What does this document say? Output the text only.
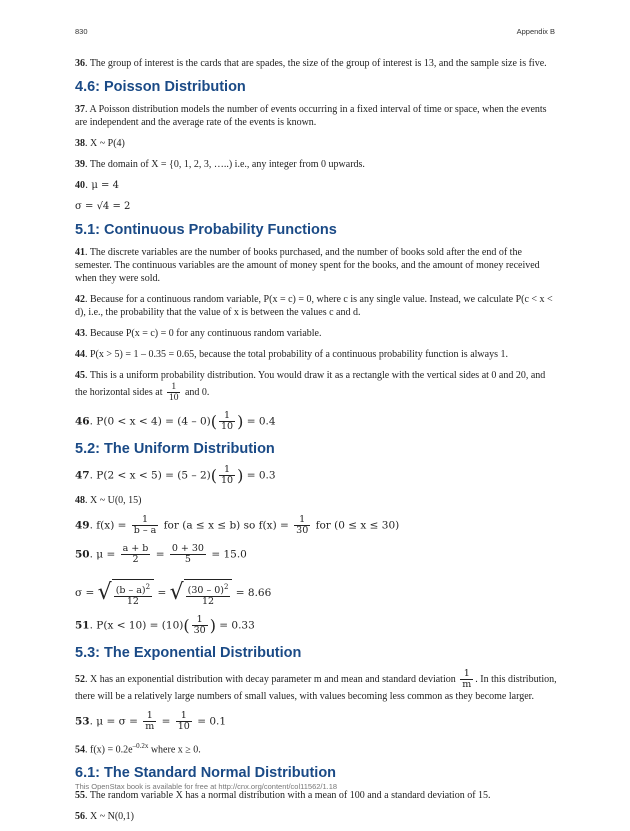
830	Appendix B

36. The group of interest is the cards that are spades, the size of the group of interest is 13, and the sample size is five.

4.6: Poisson Distribution

37. A Poisson distribution models the number of events occurring in a fixed interval of time or space, when the events are independent and the average rate of the events is known.

38. X ~ P(4)

39. The domain of X = {0, 1, 2, 3, …..) i.e., any integer from 0 upwards.

40. μ = 4

σ = √4 = 2

5.1: Continuous Probability Functions

41. The discrete variables are the number of books purchased, and the number of books sold after the end of the semester. The continuous variables are the amount of money spent for the books, and the amount of money received when they were sold.

42. Because for a continuous random variable, P(x = c) = 0, where c is any single value. Instead, we calculate P(c < x < d), i.e., the probability that the value of x is between the values c and d.

43. Because P(x = c) = 0 for any continuous random variable.

44. P(x > 5) = 1 – 0.35 = 0.65, because the total probability of a continuous probability function is always 1.

45. This is a uniform probability distribution. You would draw it as a rectangle with the vertical sides at 0 and 20, and the horizontal sides at $\frac{1}{10}$ and 0.

46. $P(0 < x < 4) = (4 - 0)( \frac{1}{10}$ ) = 0.4

5.2: The Uniform Distribution

47. $P(2 < x < 5) = (5 - 2)( \frac{1}{10}$ ) = 0.3

48. X ~ U(0, 15)

49. $f(x) = \frac{1}{b - a}$ for (a ≤ x ≤ b) so $f(x) = \frac{1}{30}$ for (0 ≤ x ≤ 30)

50. $\mu = \frac{a + b}{2} = \frac{0 + 30}{5} = 15.0$

σ = √ $\frac{(b - a)^2}{12}$ = √ $\frac{(30 - 0)^2}{12} = 8.66$

51. $P(x < 10) = (10)( \frac{1}{30}$ ) = 0.33

5.3: The Exponential Distribution

52. X has an exponential distribution with decay parameter m and mean and standard deviation $\frac{1}{m}$ . In this distribution, there will be a relatively large numbers of small values, with values becoming less common as they become larger.

53. $\mu = \sigma = \frac{1}{m} = \frac{1}{10} = 0.1$

54. $f(x) = 0.2e^{-0.2x}$ where x ≥ 0.

6.1: The Standard Normal Distribution

55. The random variable X has a normal distribution with a mean of 100 and a standard deviation of 15.

56. X ~ N(0,1)

This OpenStax book is available for free at http://cnx.org/content/col11562/1.18
